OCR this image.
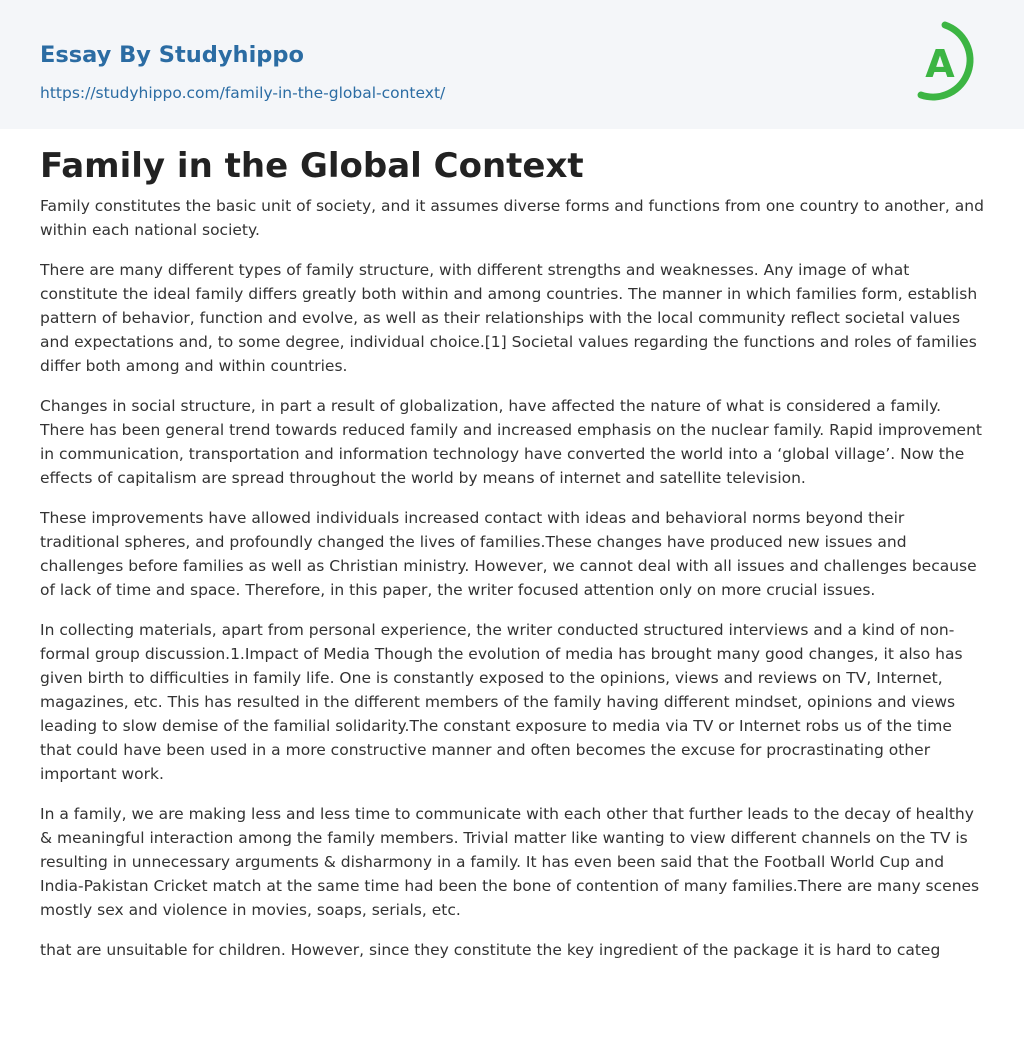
Essay By Studyhippo
https://studyhippo.com/family-in-the-global-context/
A
Family in the Global Context

Family constitutes the basic unit of society, and it assumes diverse forms and functions from one country to another, and within each national society.

There are many different types of family structure, with different strengths and weaknesses. Any image of what constitute the ideal family differs greatly both within and among countries. The manner in which families form, establish pattern of behavior, function and evolve, as well as their relationships with the local community reflect societal values and expectations and, to some degree, individual choice.[1] Societal values regarding the functions and roles of families differ both among and within countries.

Changes in social structure, in part a result of globalization, have affected the nature of what is considered a family. There has been general trend towards reduced family and increased emphasis on the nuclear family. Rapid improvement in communication, transportation and information technology have converted the world into a ‘global village’. Now the effects of capitalism are spread throughout the world by means of internet and satellite television.

These improvements have allowed individuals increased contact with ideas and behavioral norms beyond their traditional spheres, and profoundly changed the lives of families.These changes have produced new issues and challenges before families as well as Christian ministry. However, we cannot deal with all issues and challenges because of lack of time and space. Therefore, in this paper, the writer focused attention only on more crucial issues.

In collecting materials, apart from personal experience, the writer conducted structured interviews and a kind of non-formal group discussion.1.Impact of Media Though the evolution of media has brought many good changes, it also has given birth to difficulties in family life. One is constantly exposed to the opinions, views and reviews on TV, Internet, magazines, etc. This has resulted in the different members of the family having different mindset, opinions and views leading to slow demise of the familial solidarity.The constant exposure to media via TV or Internet robs us of the time that could have been used in a more constructive manner and often becomes the excuse for procrastinating other important work.

In a family, we are making less and less time to communicate with each other that further leads to the decay of healthy & meaningful interaction among the family members. Trivial matter like wanting to view different channels on the TV is resulting in unnecessary arguments & disharmony in a family. It has even been said that the Football World Cup and India-Pakistan Cricket match at the same time had been the bone of contention of many families.There are many scenes mostly sex and violence in movies, soaps, serials, etc.

that are unsuitable for children. However, since they constitute the key ingredient of the package it is hard to categ
